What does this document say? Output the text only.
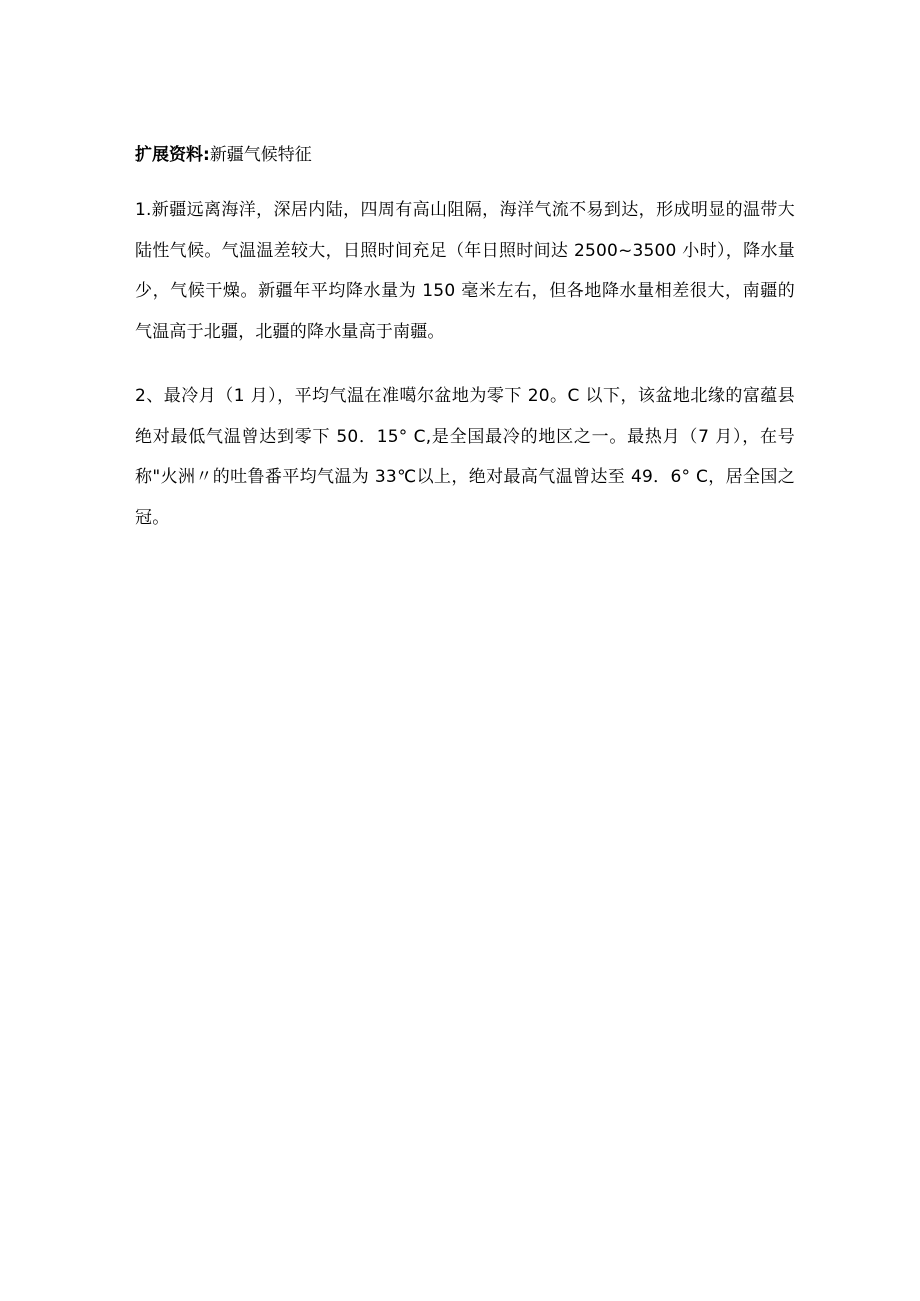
扩展资料:新疆气候特征

1.新疆远离海洋，深居内陆，四周有高山阻隔，海洋气流不易到达，形成明显的温带大陆性气候。气温温差较大，日照时间充足（年日照时间达 2500~3500 小时），降水量少，气候干燥。新疆年平均降水量为 150 毫米左右，但各地降水量相差很大，南疆的气温高于北疆，北疆的降水量高于南疆。

2、最冷月（1 月），平均气温在准噶尔盆地为零下 20。C 以下，该盆地北缘的富蕴县绝对最低气温曾达到零下 50．15° C,是全国最冷的地区之一。最热月（7 月），在号称"火洲〃的吐鲁番平均气温为 33℃以上，绝对最高气温曾达至 49．6° C，居全国之冠。
